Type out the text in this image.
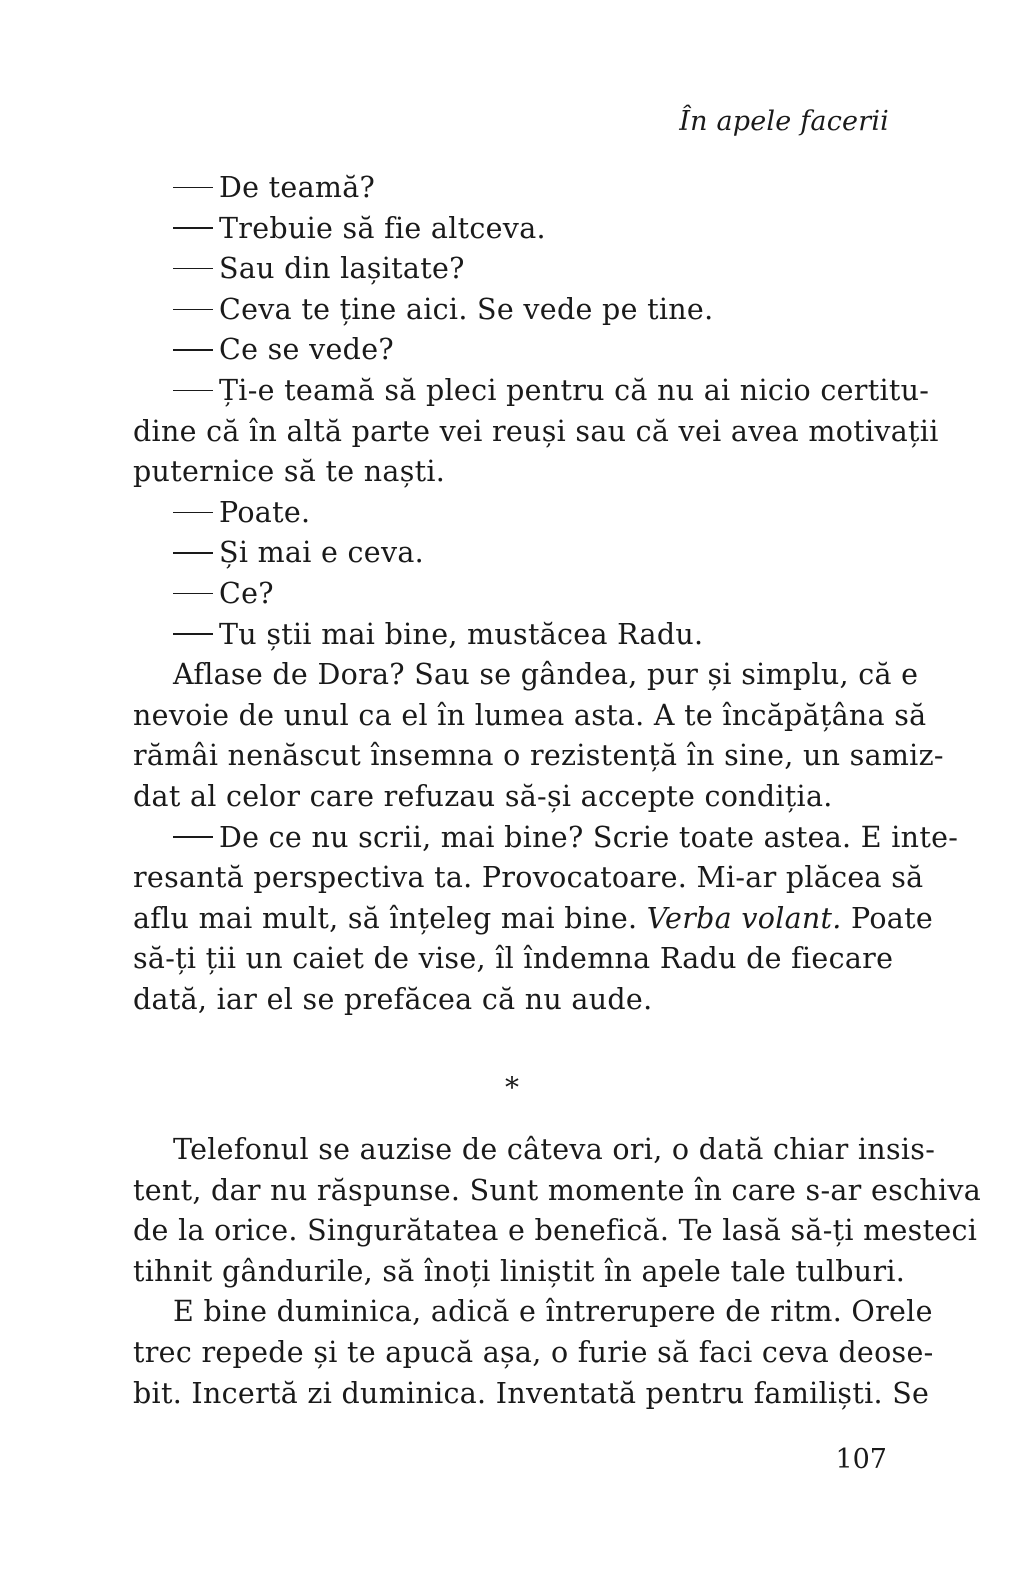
În apele facerii
De teamă?
Trebuie să fie altceva.
Sau din lașitate?
Ceva te ține aici. Se vede pe tine.
Ce se vede?
Ți-e teamă să pleci pentru că nu ai nicio certitu-
dine că în altă parte vei reuși sau că vei avea motivații
puternice să te naști.
Poate.
Și mai e ceva.
Ce?
Tu știi mai bine, mustăcea Radu.
Aflase de Dora? Sau se gândea, pur și simplu, că e
nevoie de unul ca el în lumea asta. A te încăpățâna să
rămâi nenăscut însemna o rezistență în sine, un samiz-
dat al celor care refuzau să-și accepte condiția.
De ce nu scrii, mai bine? Scrie toate astea. E inte-
resantă perspectiva ta. Provocatoare. Mi-ar plăcea să
aflu mai mult, să înțeleg mai bine. Verba volant. Poate
să-ți ții un caiet de vise, îl îndemna Radu de fiecare
dată, iar el se prefăcea că nu aude.
*
Telefonul se auzise de câteva ori, o dată chiar insis-
tent, dar nu răspunse. Sunt momente în care s-ar eschiva
de la orice. Singurătatea e benefică. Te lasă să-ți mesteci
tihnit gândurile, să înoți liniștit în apele tale tulburi.
E bine duminica, adică e întrerupere de ritm. Orele
trec repede și te apucă așa, o furie să faci ceva deose-
bit. Incertă zi duminica. Inventată pentru familiști. Se
107
